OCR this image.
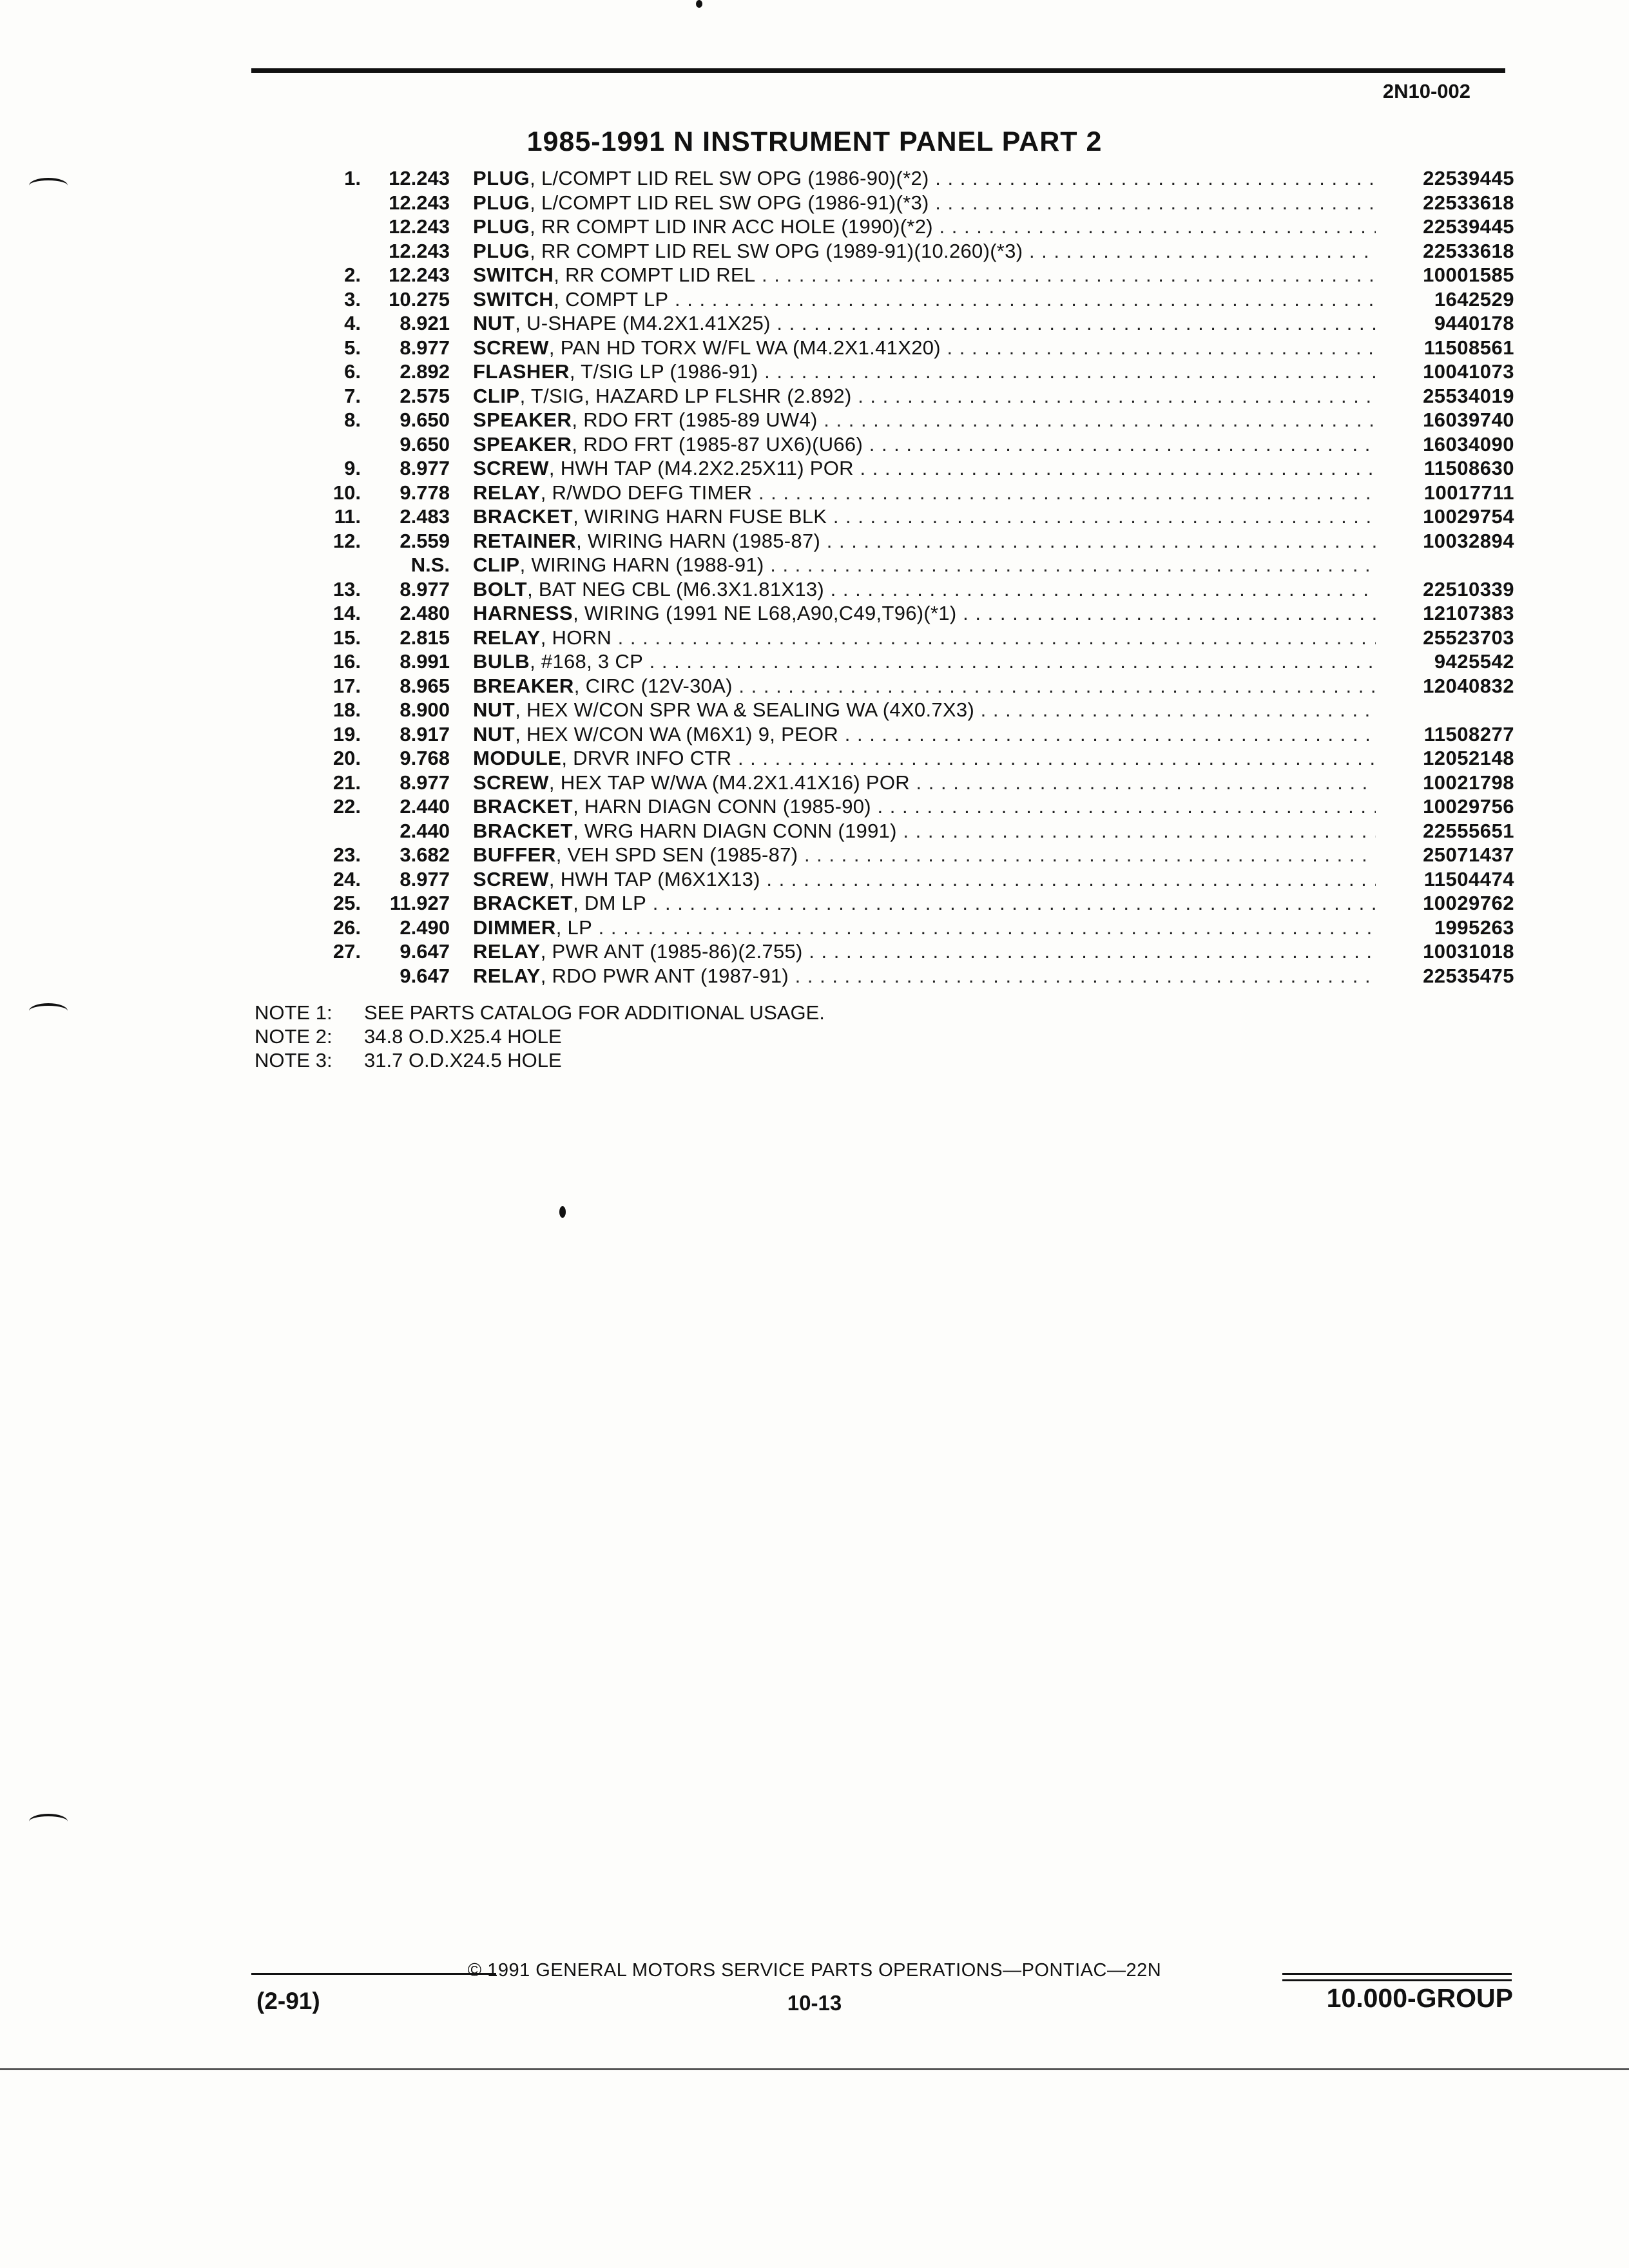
2N10-002
1985-1991 N INSTRUMENT PANEL PART 2
1.	12.243 PLUG, L/COMPT LID REL SW OPG (1986-90)(*2) . . .	22539445
12.243 PLUG, L/COMPT LID REL SW OPG (1986-91)(*3) . . .	22533618
12.243 PLUG, RR COMPT LID INR ACC HOLE (1990)(*2) . . .	22539445
12.243 PLUG, RR COMPT LID REL SW OPG (1989-91)(10.260)(*3) . . .	22533618
2.	12.243 SWITCH, RR COMPT LID REL . . .	10001585
3.	10.275 SWITCH, COMPT LP . . .	1642529
4.	8.921 NUT, U-SHAPE (M4.2X1.41X25) . . .	9440178
5.	8.977 SCREW, PAN HD TORX W/FL WA (M4.2X1.41X20) . . .	11508561
6.	2.892 FLASHER, T/SIG LP (1986-91) . . .	10041073
7.	2.575 CLIP, T/SIG, HAZARD LP FLSHR (2.892) . . .	25534019
8.	9.650 SPEAKER, RDO FRT (1985-89 UW4) . . .	16039740
9.650 SPEAKER, RDO FRT (1985-87 UX6)(U66) . . .	16034090
9.	8.977 SCREW, HWH TAP (M4.2X2.25X11) POR . . .	11508630
10.	9.778 RELAY, R/WDO DEFG TIMER . . .	10017711
11.	2.483 BRACKET, WIRING HARN FUSE BLK . . .	10029754
12.	2.559 RETAINER, WIRING HARN (1985-87) . . .	10032894
N.S. CLIP, WIRING HARN (1988-91) . . .
13.	8.977 BOLT, BAT NEG CBL (M6.3X1.81X13) . . .	22510339
14.	2.480 HARNESS, WIRING (1991 NE L68,A90,C49,T96)(*1) . . .	12107383
15.	2.815 RELAY, HORN . . .	25523703
16.	8.991 BULB, #168, 3 CP . . .	9425542
17.	8.965 BREAKER, CIRC (12V-30A) . . .	12040832
18.	8.900 NUT, HEX W/CON SPR WA & SEALING WA (4X0.7X3) . . .
19.	8.917 NUT, HEX W/CON WA (M6X1) 9, PEOR . . .	11508277
20.	9.768 MODULE, DRVR INFO CTR . . .	12052148
21.	8.977 SCREW, HEX TAP W/WA (M4.2X1.41X16) POR . . .	10021798
22.	2.440 BRACKET, HARN DIAGN CONN (1985-90) . . .	10029756
2.440 BRACKET, WRG HARN DIAGN CONN (1991) . . .	22555651
23.	3.682 BUFFER, VEH SPD SEN (1985-87) . . .	25071437
24.	8.977 SCREW, HWH TAP (M6X1X13) . . .	11504474
25.	11.927 BRACKET, DM LP . . .	10029762
26.	2.490 DIMMER, LP . . .	1995263
27.	9.647 RELAY, PWR ANT (1985-86)(2.755) . . .	10031018
9.647 RELAY, RDO PWR ANT (1987-91) . . .	22535475
NOTE 1: SEE PARTS CATALOG FOR ADDITIONAL USAGE.
NOTE 2: 34.8 O.D.X25.4 HOLE
NOTE 3: 31.7 O.D.X24.5 HOLE
© 1991 GENERAL MOTORS SERVICE PARTS OPERATIONS—PONTIAC—22N
(2-91)	10-13	10.000-GROUP
